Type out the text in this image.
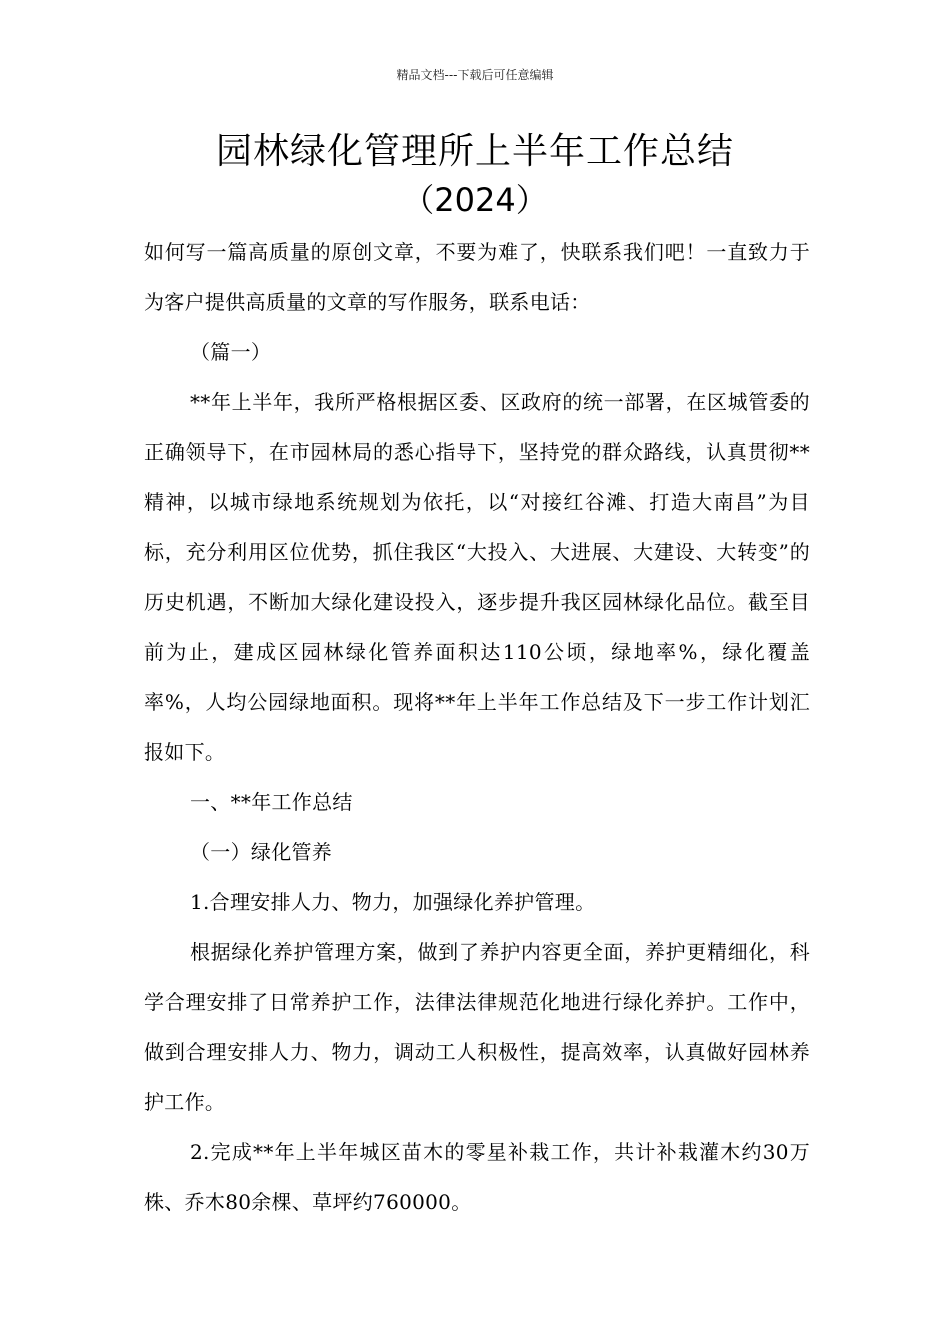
精品文档---下载后可任意编辑
园林绿化管理所上半年工作总结
（2024）

如何写一篇高质量的原创文章，不要为难了，快联系我们吧！一直致力于为客户提供高质量的文章的写作服务，联系电话：

（篇一）

**年上半年，我所严格根据区委、区政府的统一部署，在区城管委的正确领导下，在市园林局的悉心指导下，坚持党的群众路线，认真贯彻**精神，以城市绿地系统规划为依托，以“对接红谷滩、打造大南昌”为目标，充分利用区位优势，抓住我区“大投入、大进展、大建设、大转变”的历史机遇，不断加大绿化建设投入，逐步提升我区园林绿化品位。截至目前为止，建成区园林绿化管养面积达110公顷，绿地率%，绿化覆盖率%，人均公园绿地面积。现将**年上半年工作总结及下一步工作计划汇报如下。

一、**年工作总结

（一）绿化管养

1.合理安排人力、物力，加强绿化养护管理。

根据绿化养护管理方案，做到了养护内容更全面，养护更精细化，科学合理安排了日常养护工作，法律法律规范化地进行绿化养护。工作中，做到合理安排人力、物力，调动工人积极性，提高效率，认真做好园林养护工作。

2.完成**年上半年城区苗木的零星补栽工作，共计补栽灌木约30万株、乔木80余棵、草坪约760000。
